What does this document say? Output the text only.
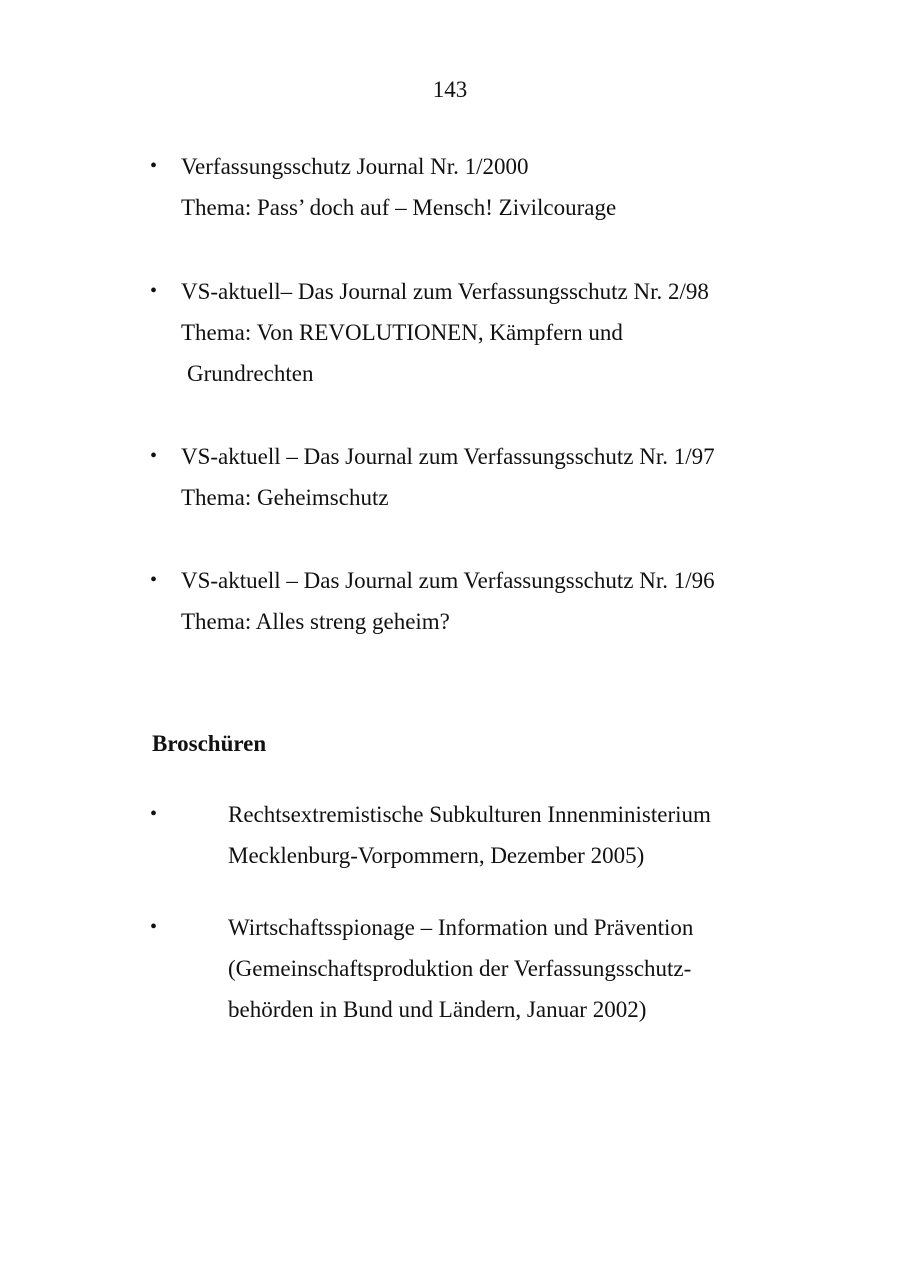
143
•	Verfassungsschutz Journal Nr. 1/2000
Thema: Pass’ doch auf – Mensch! Zivilcourage
•	VS-aktuell– Das Journal zum Verfassungsschutz Nr. 2/98
Thema: Von REVOLUTIONEN, Kämpfern und
Grundrechten
•	VS-aktuell – Das Journal zum Verfassungsschutz Nr. 1/97
Thema: Geheimschutz
•	VS-aktuell – Das Journal zum Verfassungsschutz Nr. 1/96
Thema: Alles streng geheim?
Broschüren
•	Rechtsextremistische Subkulturen Innenministerium
Mecklenburg-Vorpommern, Dezember 2005)
•	Wirtschaftsspionage – Information und Prävention
(Gemeinschaftsproduktion der Verfassungsschutz-
behörden in Bund und Ländern, Januar 2002)
